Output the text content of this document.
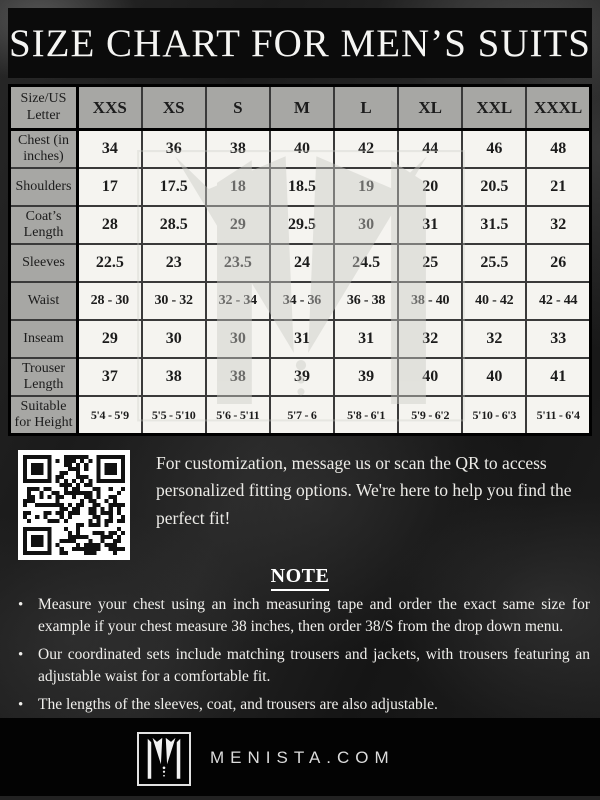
SIZE CHART FOR MEN’S SUITS
Size/US Letter	XXS	XS	S	M	L	XL	XXL	XXXL
Chest (in inches)	34	36	38	40	42	44	46	48
Shoulders	17	17.5	18	18.5	19	20	20.5	21
Coat’s Length	28	28.5	29	29.5	30	31	31.5	32
Sleeves	22.5	23	23.5	24	24.5	25	25.5	26
Waist	28 - 30	30 - 32	32 - 34	34 - 36	36 - 38	38 - 40	40 - 42	42 - 44
Inseam	29	30	30	31	31	32	32	33
Trouser Length	37	38	38	39	39	40	40	41
Suitable for Height	5'4 - 5'9	5'5 - 5'10	5'6 - 5'11	5'7 - 6	5'8 - 6'1	5'9 - 6'2	5'10 - 6'3	5'11 - 6'4

For customization, message us or scan the QR to access personalized fitting options. We're here to help you find the perfect fit!

NOTE
• Measure your chest using an inch measuring tape and order the exact same size for example if your chest measure 38 inches, then order 38/S from the drop down menu.
• Our coordinated sets include matching trousers and jackets, with trousers featuring an adjustable waist for a comfortable fit.
• The lengths of the sleeves, coat, and trousers are also adjustable.
MENISTA.COM
